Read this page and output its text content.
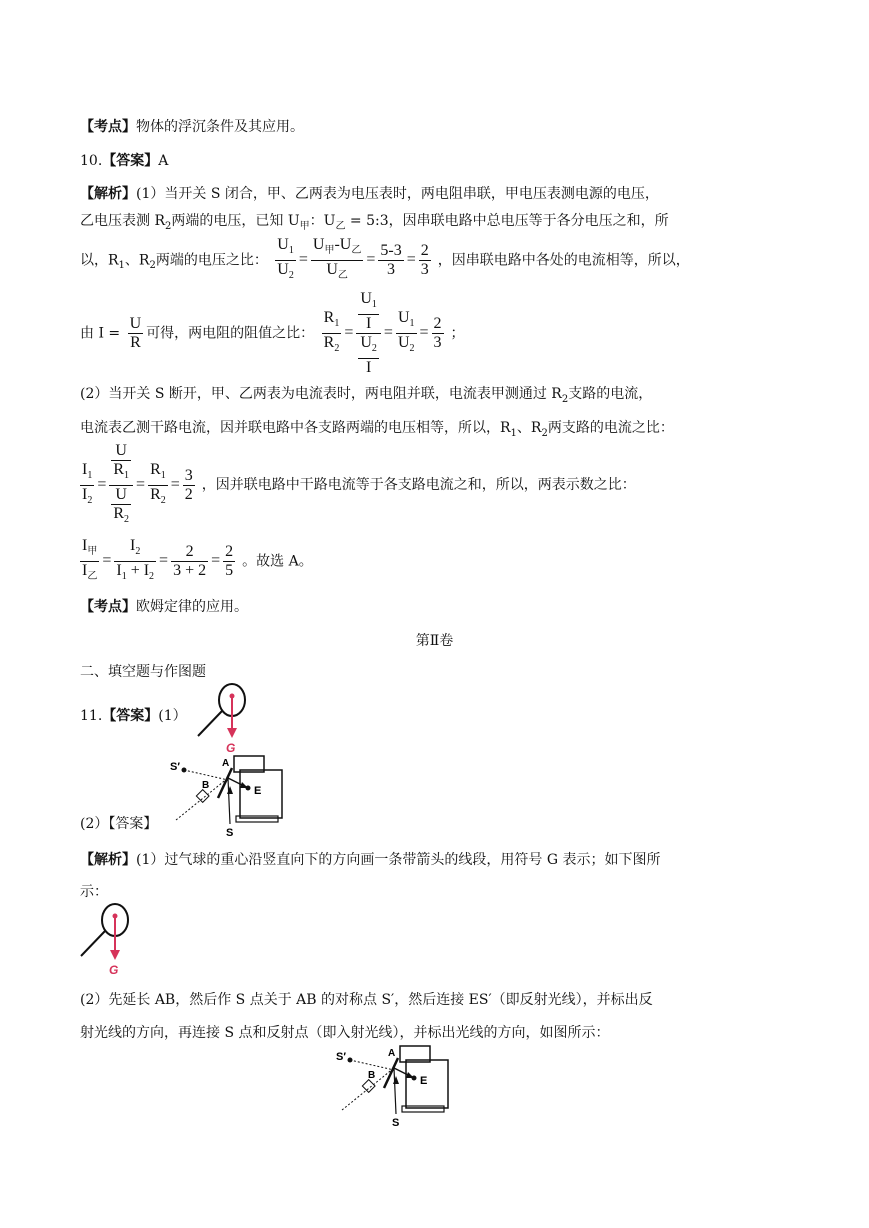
【考点】物体的浮沉条件及其应用。
10.【答案】A
【解析】(1）当开关 S 闭合，甲、乙两表为电压表时，两电阻串联，甲电压表测电源的电压，
乙电压表测 $R_2$两端的电压，已知 $U_甲$：$U_乙$ = 5:3，因串联电路中总电压等于各分电压之和，所
以，$R_1$、$R_2$两端的电压之比： $\frac{U_1}{U_2} = \frac{U_甲-U_乙}{U_乙} = \frac{5-3}{3} = \frac{2}{3}$ ，因串联电路中各处的电流相等，所以，
由 $I = \frac{U}{R}$ 可得，两电阻的阻值之比： $\frac{R_1}{R_2} = \frac{\frac{U_1}{I}}{\frac{U_2}{I}} = \frac{U_1}{U_2} = \frac{2}{3}$ ；
(2）当开关 S 断开，甲、乙两表为电流表时，两电阻并联，电流表甲测通过 $R_2$支路的电流，
电流表乙测干路电流，因并联电路中各支路两端的电压相等，所以，$R_1$、$R_2$两支路的电流之比：
$\frac{I_1}{I_2} = \frac{\frac{U}{R_1}}{\frac{U}{R_2}} = \frac{R_1}{R_2} = \frac{3}{2}$ ，因并联电路中干路电流等于各支路电流之和，所以，两表示数之比：
$\frac{I_甲}{I_乙} = \frac{I_2}{I_1 + I_2} = \frac{2}{3 + 2} = \frac{2}{5}$ 。故选 A。
【考点】欧姆定律的应用。
第Ⅱ卷
二、填空题与作图题
11.【答案】(1）
G
(2）【答案】
S′	A
B	E
S
【解析】(1）过气球的重心沿竖直向下的方向画一条带箭头的线段，用符号 G 表示；如下图所
示：
G
(2）先延长 AB，然后作 S 点关于 AB 的对称点 S′，然后连接 ES′（即反射光线），并标出反
射光线的方向，再连接 S 点和反射点（即入射光线），并标出光线的方向，如图所示：
S′	A
B	E
S
